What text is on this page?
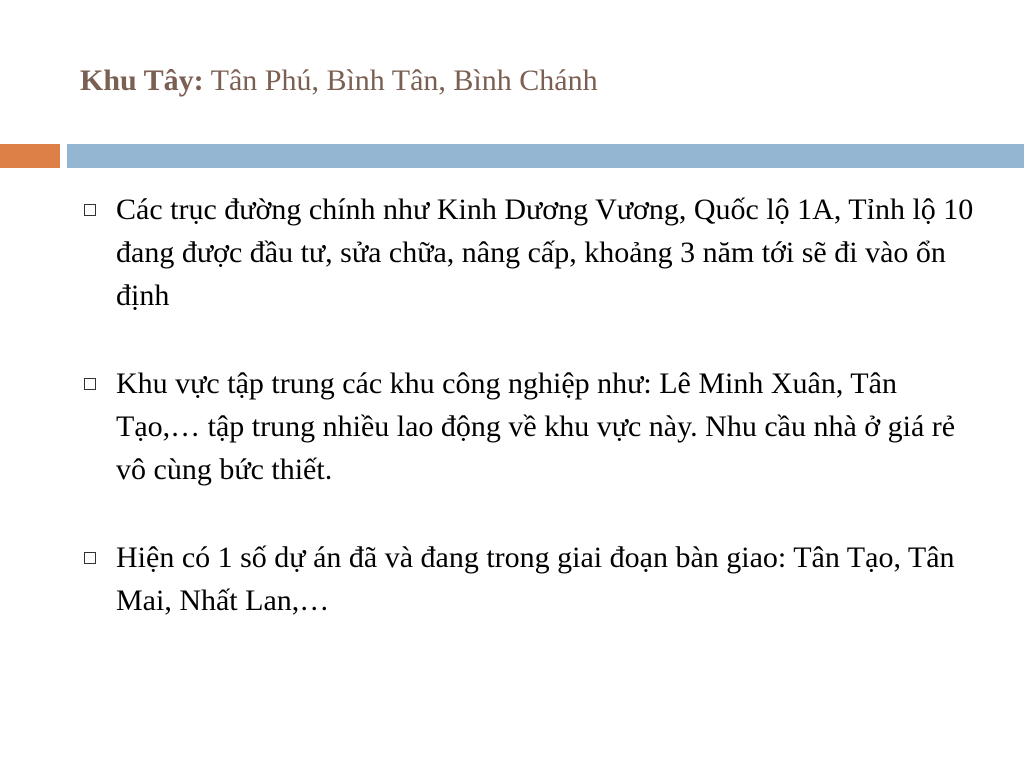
Khu Tây: Tân Phú, Bình Tân, Bình Chánh
Các trục đường chính như Kinh Dương Vương, Quốc lộ 1A, Tỉnh lộ 10 đang được đầu tư, sửa chữa, nâng cấp, khoảng 3 năm tới sẽ đi vào ổn định
Khu vực tập trung các khu công nghiệp như: Lê Minh Xuân, Tân Tạo,… tập trung nhiều lao động về khu vực này. Nhu cầu nhà ở giá rẻ vô cùng bức thiết.
Hiện có 1 số dự án đã và đang trong giai đoạn bàn giao: Tân Tạo, Tân Mai, Nhất Lan,…
